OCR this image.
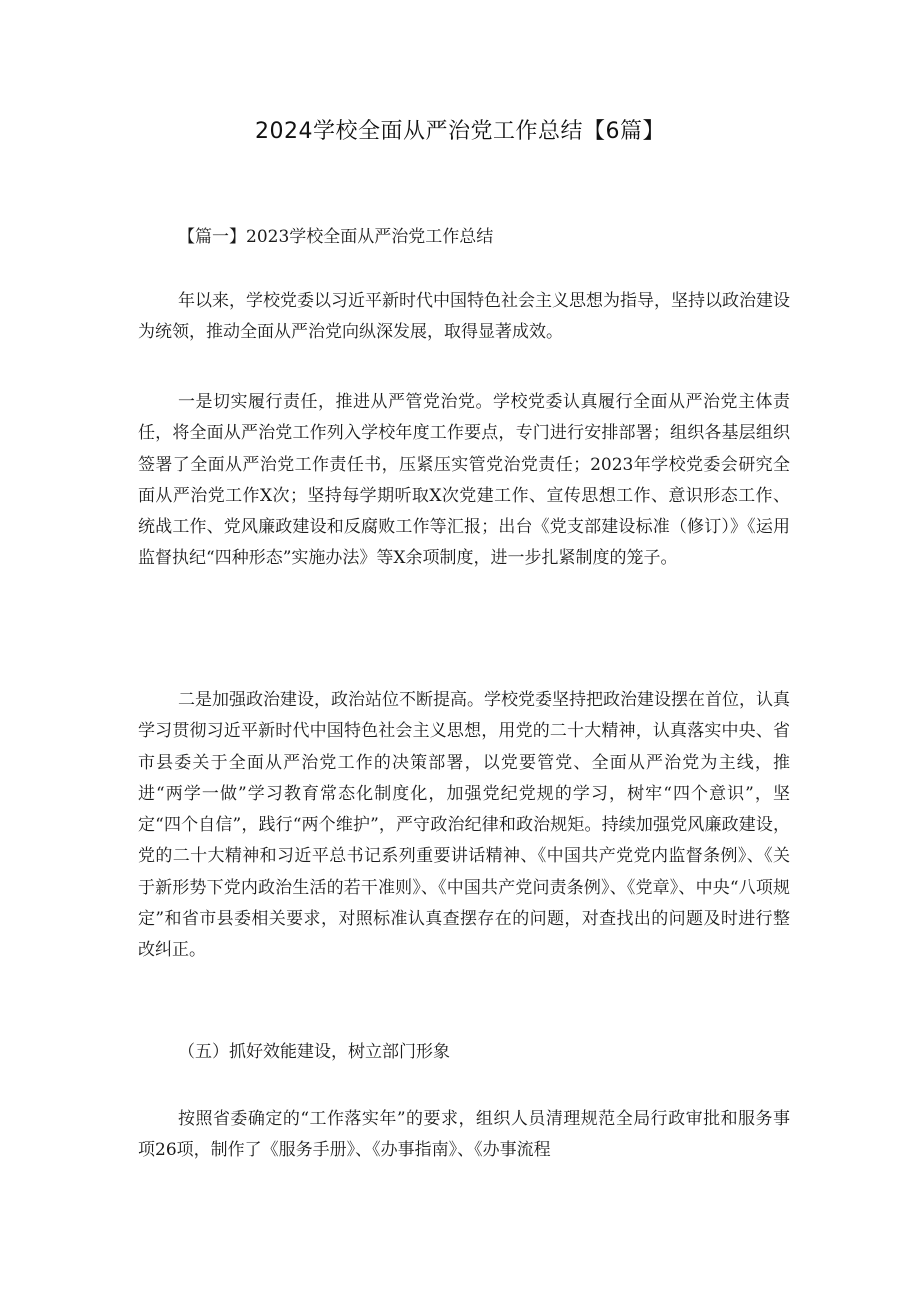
2024学校全面从严治党工作总结【6篇】
【篇一】2023学校全面从严治党工作总结

年以来，学校党委以习近平新时代中国特色社会主义思想为指导，坚持以政治建设为统领，推动全面从严治党向纵深发展，取得显著成效。

一是切实履行责任，推进从严管党治党。学校党委认真履行全面从严治党主体责任，将全面从严治党工作列入学校年度工作要点，专门进行安排部署；组织各基层组织签署了全面从严治党工作责任书，压紧压实管党治党责任；2023年学校党委会研究全面从严治党工作X次；坚持每学期听取X次党建工作、宣传思想工作、意识形态工作、统战工作、党风廉政建设和反腐败工作等汇报；出台《党支部建设标准（修订）》《运用监督执纪“四种形态”实施办法》等X余项制度，进一步扎紧制度的笼子。

二是加强政治建设，政治站位不断提高。学校党委坚持把政治建设摆在首位，认真学习贯彻习近平新时代中国特色社会主义思想，用党的二十大精神，认真落实中央、省市县委关于全面从严治党工作的决策部署，以党要管党、全面从严治党为主线，推进“两学一做”学习教育常态化制度化，加强党纪党规的学习，树牢“四个意识”，坚定“四个自信”，践行“两个维护”，严守政治纪律和政治规矩。持续加强党风廉政建设，党的二十大精神和习近平总书记系列重要讲话精神、《中国共产党党内监督条例》、《关于新形势下党内政治生活的若干准则》、《中国共产党问责条例》、《党章》、中央“八项规定”和省市县委相关要求，对照标准认真查摆存在的问题，对查找出的问题及时进行整改纠正。

（五）抓好效能建设，树立部门形象

按照省委确定的“工作落实年”的要求，组织人员清理规范全局行政审批和服务事项26项，制作了《服务手册》、《办事指南》、《办事流程
